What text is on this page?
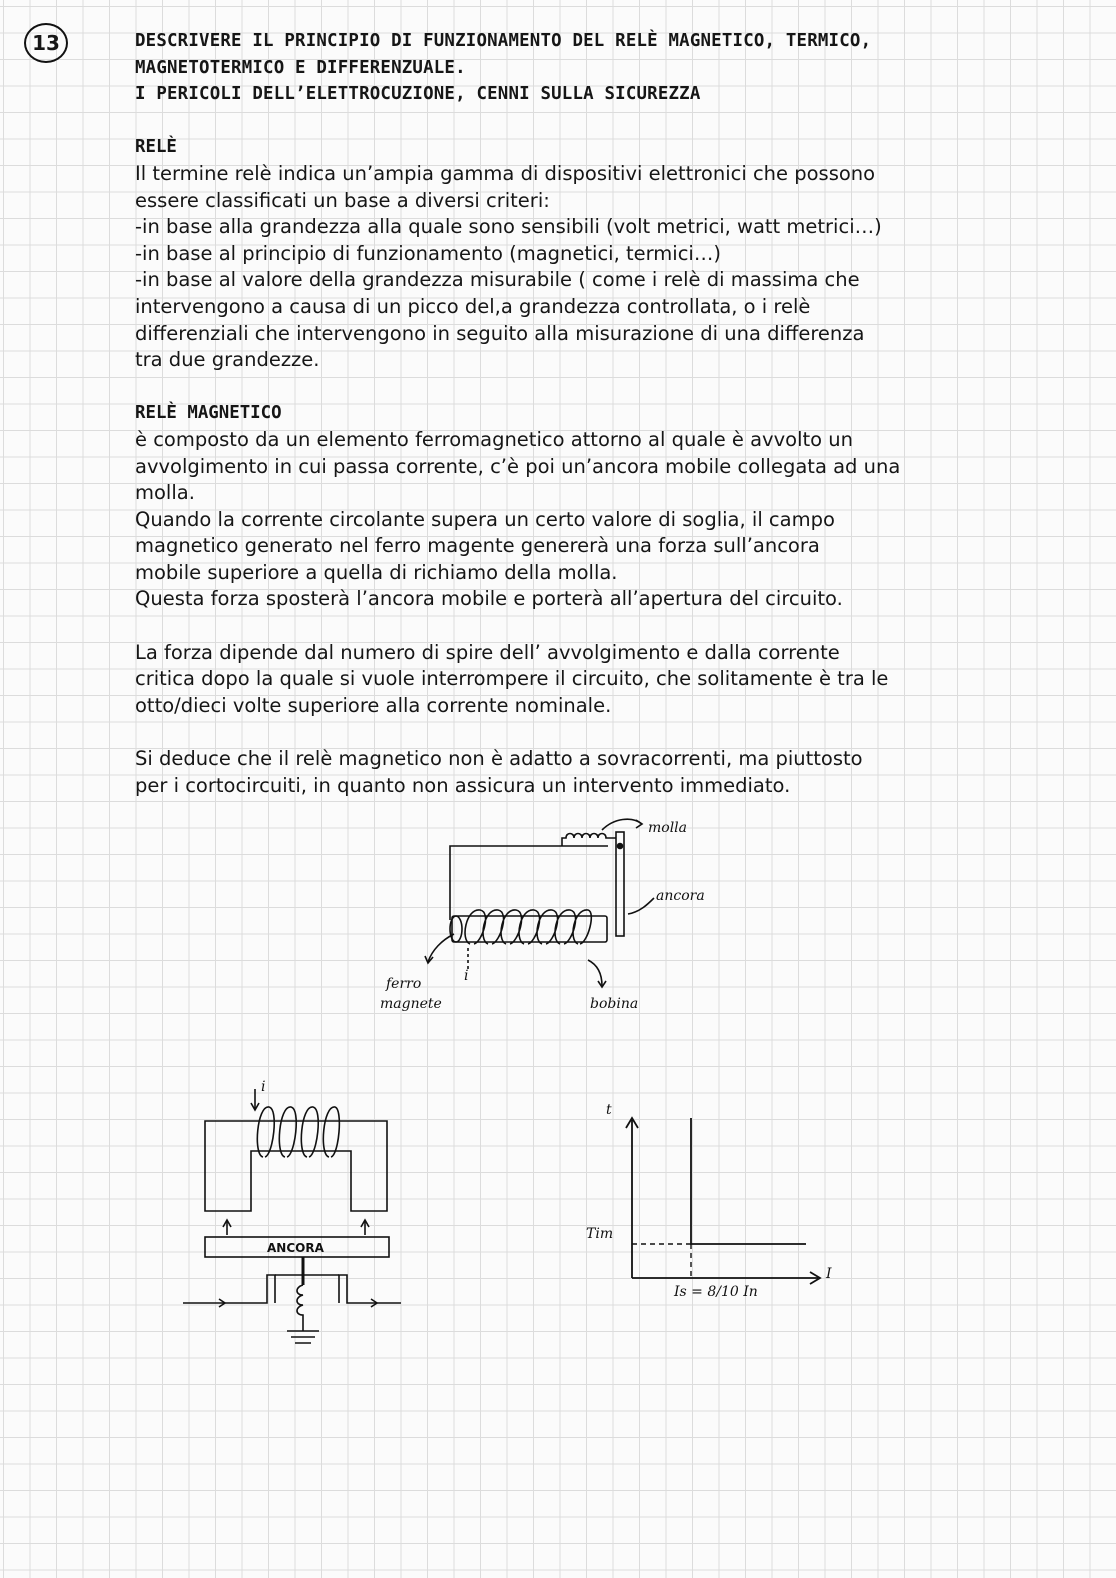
13	DESCRIVERE IL PRINCIPIO DI FUNZIONAMENTO DEL RELÈ MAGNETICO, TERMICO,
MAGNETOTERMICO E DIFFERENZUALE.
I PERICOLI DELL’ELETTROCUZIONE, CENNI SULLA SICUREZZA
RELÈ
Il termine relè indica un’ampia gamma di dispositivi elettronici che possono
essere classificati un base a diversi criteri:
-in base alla grandezza alla quale sono sensibili (volt metrici, watt metrici…)
-in base al principio di funzionamento (magnetici, termici…)
-in base al valore della grandezza misurabile ( come i relè di massima che
intervengono a causa di un picco del,a grandezza controllata, o i relè
differenziali che intervengono in seguito alla misurazione di una differenza
tra due grandezze.
RELÈ MAGNETICO
è composto da un elemento ferromagnetico attorno al quale è avvolto un
avvolgimento in cui passa corrente, c’è poi un’ancora mobile collegata ad una
molla.
Quando la corrente circolante supera un certo valore di soglia, il campo
magnetico generato nel ferro magente genererà una forza sull’ancora
mobile superiore a quella di richiamo della molla.
Questa forza sposterà l’ancora mobile e porterà all’apertura del circuito.
La forza dipende dal numero di spire dell’ avvolgimento e dalla corrente
critica dopo la quale si vuole interrompere il circuito, che solitamente è tra le
otto/dieci volte superiore alla corrente nominale.
Si deduce che il relè magnetico non è adatto a sovracorrenti, ma piuttosto
per i cortocircuiti, in quanto non assicura un intervento immediato.
molla
ancora
ferro
magnete	bobina
i
i
ANCORA
t
I
Tim
Is = 8/10 In
